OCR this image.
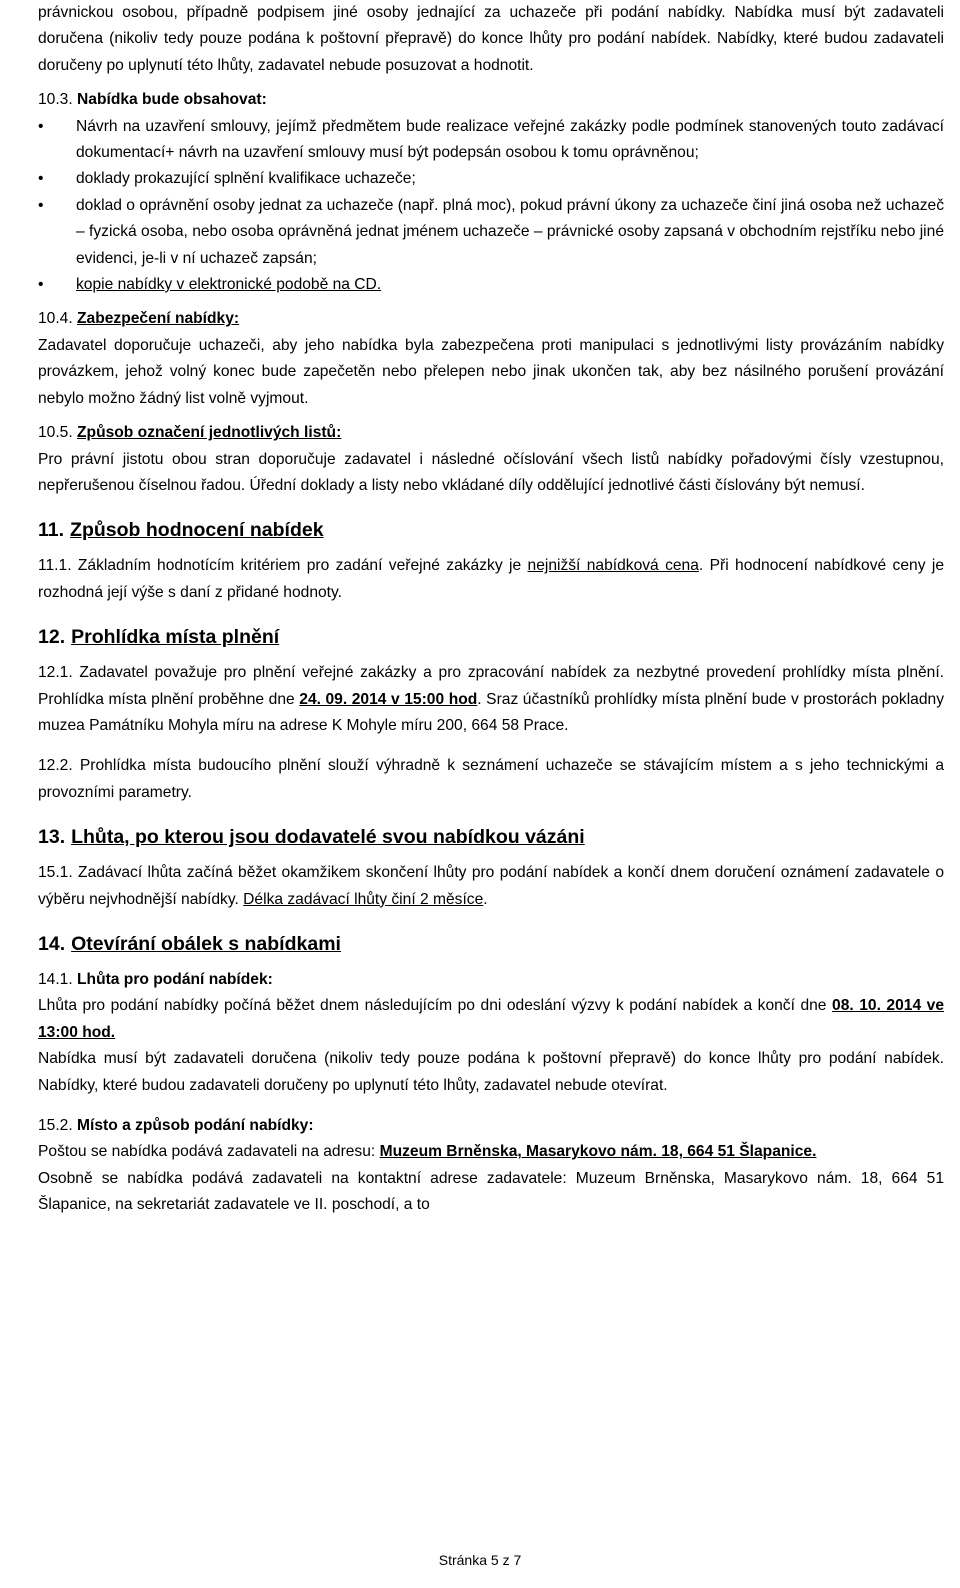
právnickou osobou, případně podpisem jiné osoby jednající za uchazeče při podání nabídky. Nabídka musí být zadavateli doručena (nikoliv tedy pouze podána k poštovní přepravě) do konce lhůty pro podání nabídek. Nabídky, které budou zadavateli doručeny po uplynutí této lhůty, zadavatel nebude posuzovat a hodnotit.

10.3. Nabídka bude obsahovat:

• Návrh na uzavření smlouvy, jejímž předmětem bude realizace veřejné zakázky podle podmínek stanovených touto zadávací dokumentací+ návrh na uzavření smlouvy musí být podepsán osobou k tomu oprávněnou;
• doklady prokazující splnění kvalifikace uchazeče;
• doklad o oprávnění osoby jednat za uchazeče (např. plná moc), pokud právní úkony za uchazeče činí jiná osoba než uchazeč – fyzická osoba, nebo osoba oprávněná jednat jménem uchazeče – právnické osoby zapsaná v obchodním rejstříku nebo jiné evidenci, je-li v ní uchazeč zapsán;
• kopie nabídky v elektronické podobě na CD.

10.4. Zabezpečení nabídky:

Zadavatel doporučuje uchazeči, aby jeho nabídka byla zabezpečena proti manipulaci s jednotlivými listy provázáním nabídky provázkem, jehož volný konec bude zapečetěn nebo přelepen nebo jinak ukončen tak, aby bez násilného porušení provázání nebylo možno žádný list volně vyjmout.

10.5. Způsob označení jednotlivých listů:

Pro právní jistotu obou stran doporučuje zadavatel i následné očíslování všech listů nabídky pořadovými čísly vzestupnou, nepřerušenou číselnou řadou. Úřední doklady a listy nebo vkládané díly oddělující jednotlivé části číslovány být nemusí.

11. Způsob hodnocení nabídek

11.1. Základním hodnotícím kritériem pro zadání veřejné zakázky je nejnižší nabídková cena. Při hodnocení nabídkové ceny je rozhodná její výše s daní z přidané hodnoty.

12. Prohlídka místa plnění

12.1. Zadavatel považuje pro plnění veřejné zakázky a pro zpracování nabídek za nezbytné provedení prohlídky místa plnění. Prohlídka místa plnění proběhne dne 24. 09. 2014 v 15:00 hod. Sraz účastníků prohlídky místa plnění bude v prostorách pokladny muzea Památníku Mohyla míru na adrese K Mohyle míru 200, 664 58 Prace.

12.2. Prohlídka místa budoucího plnění slouží výhradně k seznámení uchazeče se stávajícím místem a s jeho technickými a provozními parametry.

13. Lhůta, po kterou jsou dodavatelé svou nabídkou vázáni

15.1. Zadávací lhůta začíná běžet okamžikem skončení lhůty pro podání nabídek a končí dnem doručení oznámení zadavatele o výběru nejvhodnější nabídky. Délka zadávací lhůty činí 2 měsíce.

14. Otevírání obálek s nabídkami

14.1. Lhůta pro podání nabídek:

Lhůta pro podání nabídky počíná běžet dnem následujícím po dni odeslání výzvy k podání nabídek a končí dne 08. 10. 2014 ve 13:00 hod.

Nabídka musí být zadavateli doručena (nikoliv tedy pouze podána k poštovní přepravě) do konce lhůty pro podání nabídek. Nabídky, které budou zadavateli doručeny po uplynutí této lhůty, zadavatel nebude otevírat.

15.2. Místo a způsob podání nabídky:

Poštou se nabídka podává zadavateli na adresu: Muzeum Brněnska, Masarykovo nám. 18, 664 51 Šlapanice.

Osobně se nabídka podává zadavateli na kontaktní adrese zadavatele: Muzeum Brněnska, Masarykovo nám. 18, 664 51 Šlapanice, na sekretariát zadavatele ve II. poschodí, a to

Stránka 5 z 7
